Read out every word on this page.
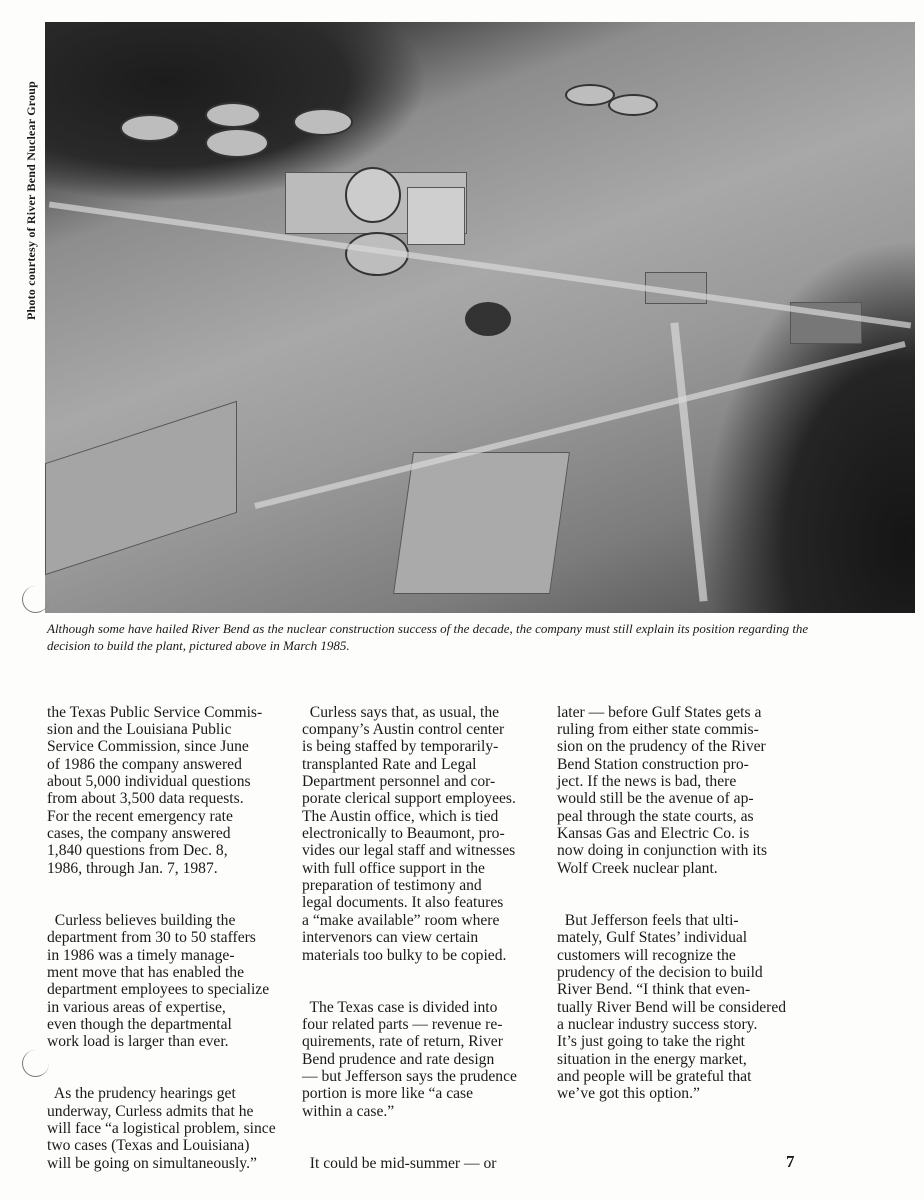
Photo courtesy of River Bend Nuclear Group
Although some have hailed River Bend as the nuclear construction success of the decade, the company must still explain its position regarding the decision to build the plant, pictured above in March 1985.

the Texas Public Service Commis-
sion and the Louisiana Public
Service Commission, since June
of 1986 the company answered
about 5,000 individual questions
from about 3,500 data requests.
For the recent emergency rate
cases, the company answered
1,840 questions from Dec. 8,
1986, through Jan. 7, 1987.

Curless believes building the
department from 30 to 50 staffers
in 1986 was a timely manage-
ment move that has enabled the
department employees to specialize
in various areas of expertise,
even though the departmental
work load is larger than ever.

As the prudency hearings get
underway, Curless admits that he
will face “a logistical problem, since
two cases (Texas and Louisiana)
will be going on simultaneously.”

Curless says that, as usual, the
company’s Austin control center
is being staffed by temporarily-
transplanted Rate and Legal
Department personnel and cor-
porate clerical support employees.
The Austin office, which is tied
electronically to Beaumont, pro-
vides our legal staff and witnesses
with full office support in the
preparation of testimony and
legal documents. It also features
a “make available” room where
intervenors can view certain
materials too bulky to be copied.

The Texas case is divided into
four related parts — revenue re-
quirements, rate of return, River
Bend prudence and rate design
— but Jefferson says the prudence
portion is more like “a case
within a case.”

It could be mid-summer — or

later — before Gulf States gets a
ruling from either state commis-
sion on the prudency of the River
Bend Station construction pro-
ject. If the news is bad, there
would still be the avenue of ap-
peal through the state courts, as
Kansas Gas and Electric Co. is
now doing in conjunction with its
Wolf Creek nuclear plant.

But Jefferson feels that ulti-
mately, Gulf States’ individual
customers will recognize the
prudency of the decision to build
River Bend. “I think that even-
tually River Bend will be considered
a nuclear industry success story.
It’s just going to take the right
situation in the energy market,
and people will be grateful that
we’ve got this option.”

7
